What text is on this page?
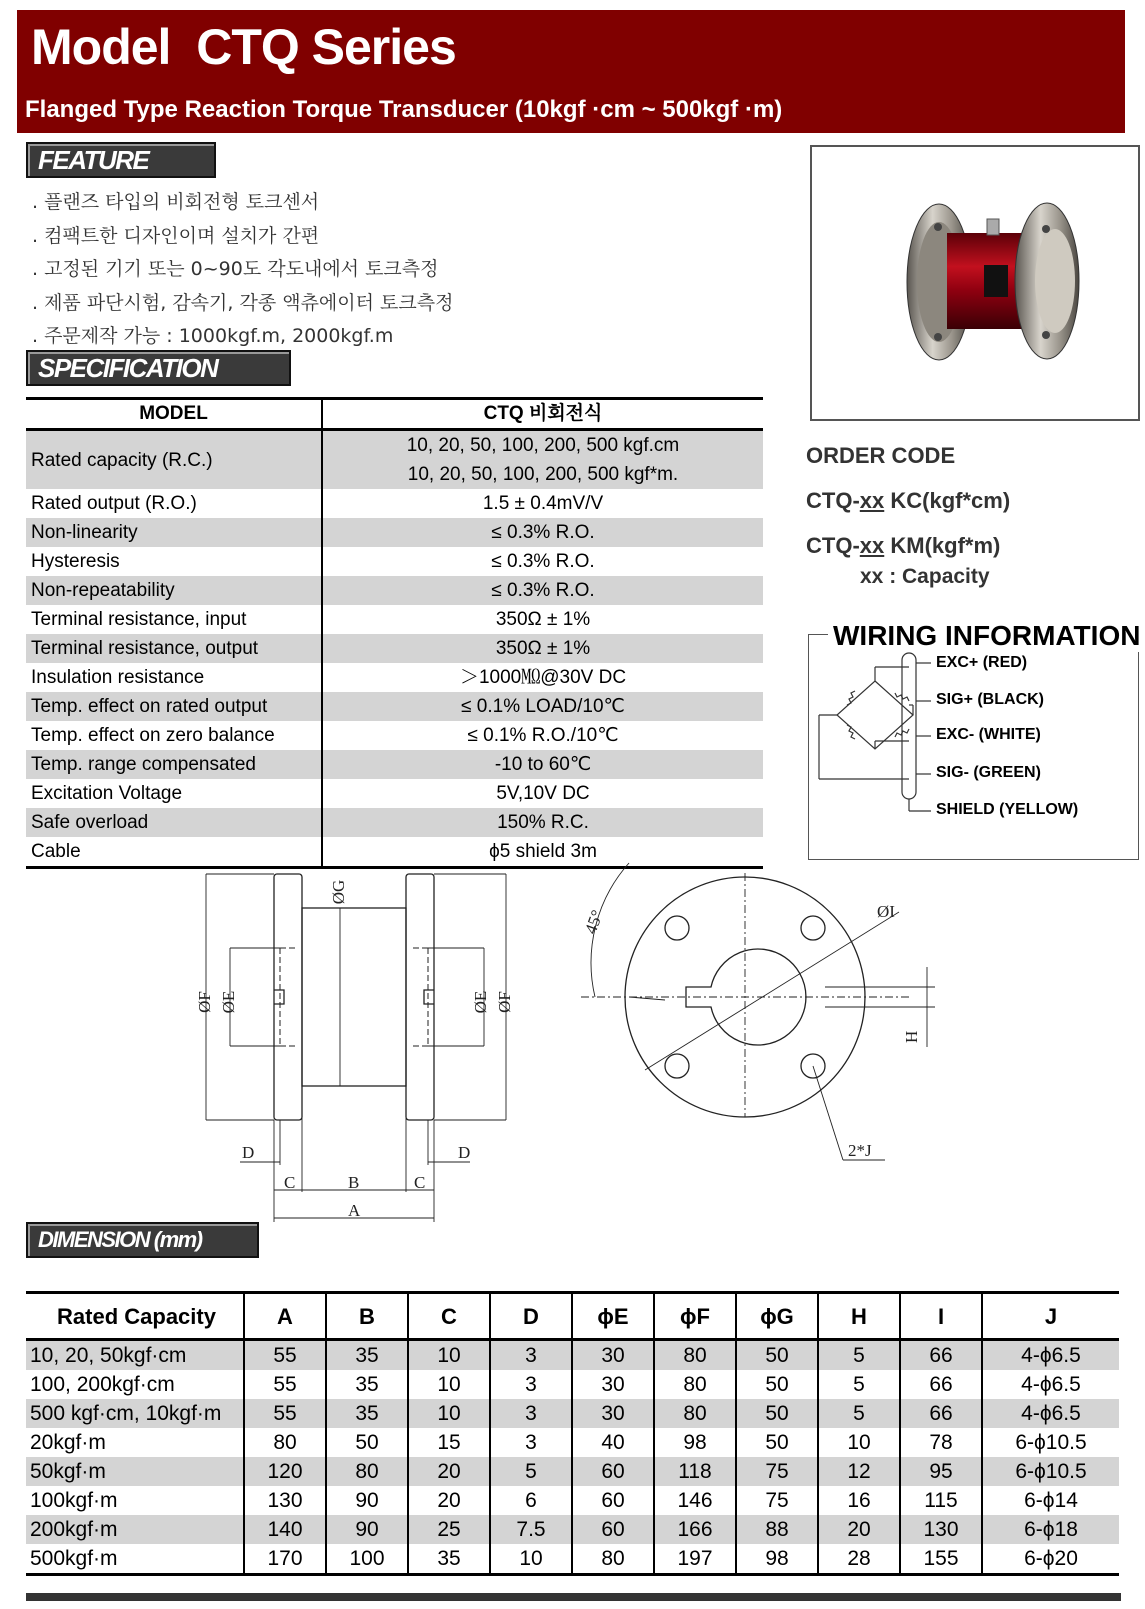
Model  CTQ Series
Flanged Type Reaction Torque Transducer (10kgf ·cm ~ 500kgf ·m)
FEATURE
. 플랜즈 타입의 비회전형 토크센서
. 컴팩트한 디자인이며 설치가 간편
. 고정된 기기 또는 0~90도 각도내에서 토크측정
. 제품 파단시험, 감속기, 각종 액츄에이터 토크측정
. 주문제작 가능 : 1000kgf.m, 2000kgf.m
SPECIFICATION
MODEL	CTQ 비회전식
Rated capacity (R.C.)	10, 20, 50, 100, 200, 500 kgf.cm
10, 20, 50, 100, 200, 500 kgf*m.

Rated output (R.O.)	1.5 ± 0.4mV/V
Non-linearity	≤ 0.3% R.O.
Hysteresis	≤ 0.3% R.O.
Non-repeatability	≤ 0.3% R.O.
Terminal resistance, input	350Ω ± 1%
Terminal resistance, output	350Ω ± 1%
Insulation resistance	＞1000㏁@30V DC
Temp. effect on rated output	≤ 0.1% LOAD/10℃
Temp. effect on zero balance	≤ 0.1% R.O./10℃
Temp. range compensated	-10 to 60℃
Excitation Voltage	5V,10V DC
Safe overload	150% R.C.
Cable	ϕ5 shield 3m
ORDER CODE
CTQ-xx KC(kgf*cm)
CTQ-xx KM(kgf*m)
xx : Capacity
WIRING INFORMATION
EXC+ (RED)
SIG+ (BLACK)
EXC- (WHITE)
SIG- (GREEN)
SHIELD (YELLOW)
ØF ØE
ØG
ØE ØF
D	D
C	C
B
A
45°	ØI
H
2*J
DIMENSION (mm)
Rated Capacity	A	B	C	D	ϕE	ϕF	ϕG	H	I	J
10, 20, 50kgf·cm	55	35	10	3	30	80	50	5	66	4-ϕ6.5
100, 200kgf·cm	55	35	10	3	30	80	50	5	66	4-ϕ6.5
500 kgf·cm, 10kgf·m	55	35	10	3	30	80	50	5	66	4-ϕ6.5
20kgf·m	80	50	15	3	40	98	50	10	78	6-ϕ10.5
50kgf·m	120	80	20	5	60	118	75	12	95	6-ϕ10.5
100kgf·m	130	90	20	6	60	146	75	16	115	6-ϕ14
200kgf·m	140	90	25	7.5	60	166	88	20	130	6-ϕ18
500kgf·m	170	100	35	10	80	197	98	28	155	6-ϕ20
